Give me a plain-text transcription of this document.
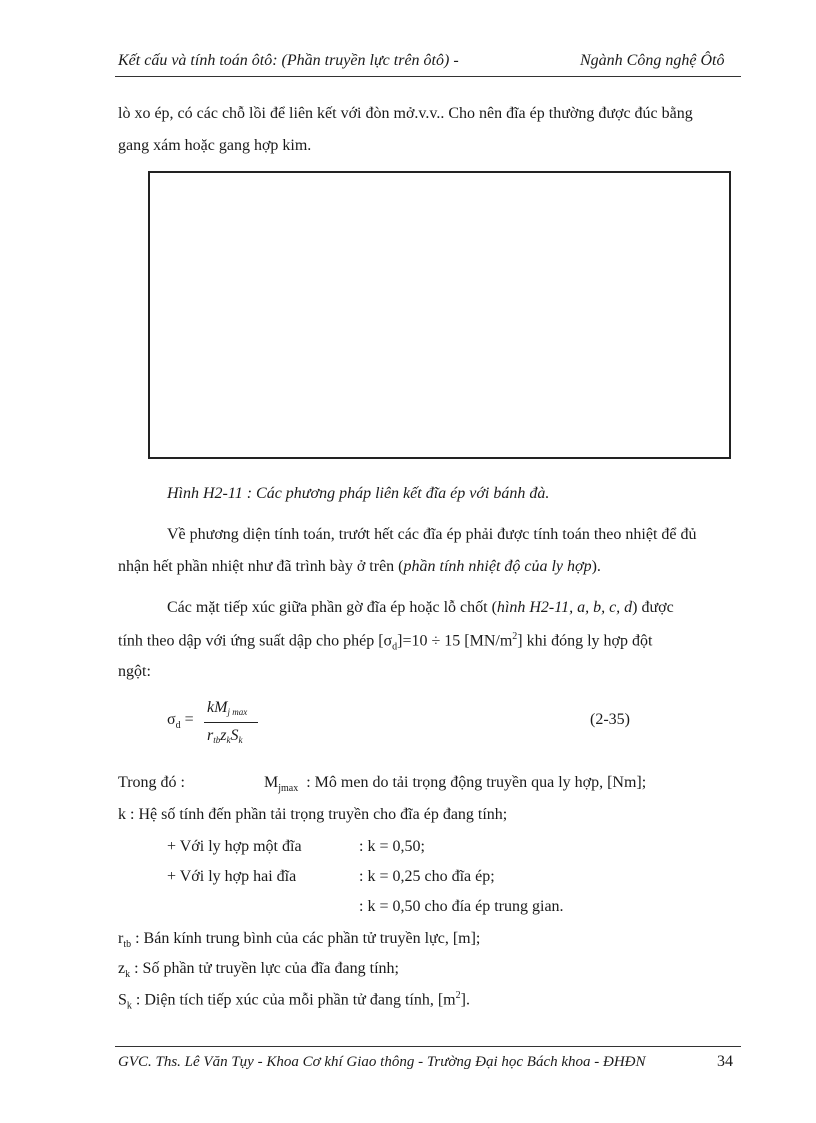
Kết cấu và tính toán ôtô: (Phần truyền lực trên ôtô) -	Ngành Công nghệ Ôtô
lò xo ép, có các chỗ lồi để liên kết với đòn mở.v.v.. Cho nên đĩa ép thường được đúc bằng
gang xám hoặc gang hợp kim.
Hình H2-11 : Các phương pháp liên kết đĩa ép với bánh đà.
Về phương diện tính toán, trướt hết các đĩa ép phải được tính toán theo nhiệt để đủ
nhận hết phần nhiệt như đã trình bày ở trên (phần tính nhiệt độ của ly hợp).
Các mặt tiếp xúc giữa phần gờ đĩa ép hoặc lỗ chốt (hình H2-11, a, b, c, d) được
tính theo dập với ứng suất dập cho phép $[\sigma_d]=10 \div 15$ $[MN/m^2]$ khi đóng ly hợp đột
ngột:
$\sigma_d$ =
kMj max
rtbzkSk
(2-35)
Trong đó :	$M_{jmax}$ : Mô men do tải trọng động truyền qua ly hợp, [Nm];
k : Hệ số tính đến phần tải trọng truyền cho đĩa ép đang tính;
+ Với ly hợp một đĩa	: k = 0,50;
+ Với ly hợp hai đĩa	: k = 0,25 cho đĩa ép;
: k = 0,50 cho đía ép trung gian.
$r_{tb}$ : Bán kính trung bình của các phần tử truyền lực, [m];
$z_k$ : Số phần tử truyền lực của đĩa đang tính;
$S_k$ : Diện tích tiếp xúc của mỗi phần tử đang tính, $[m^2]$.
GVC. Ths. Lê Văn Tụy - Khoa Cơ khí Giao thông - Trường Đại học Bách khoa - ĐHĐN	34
